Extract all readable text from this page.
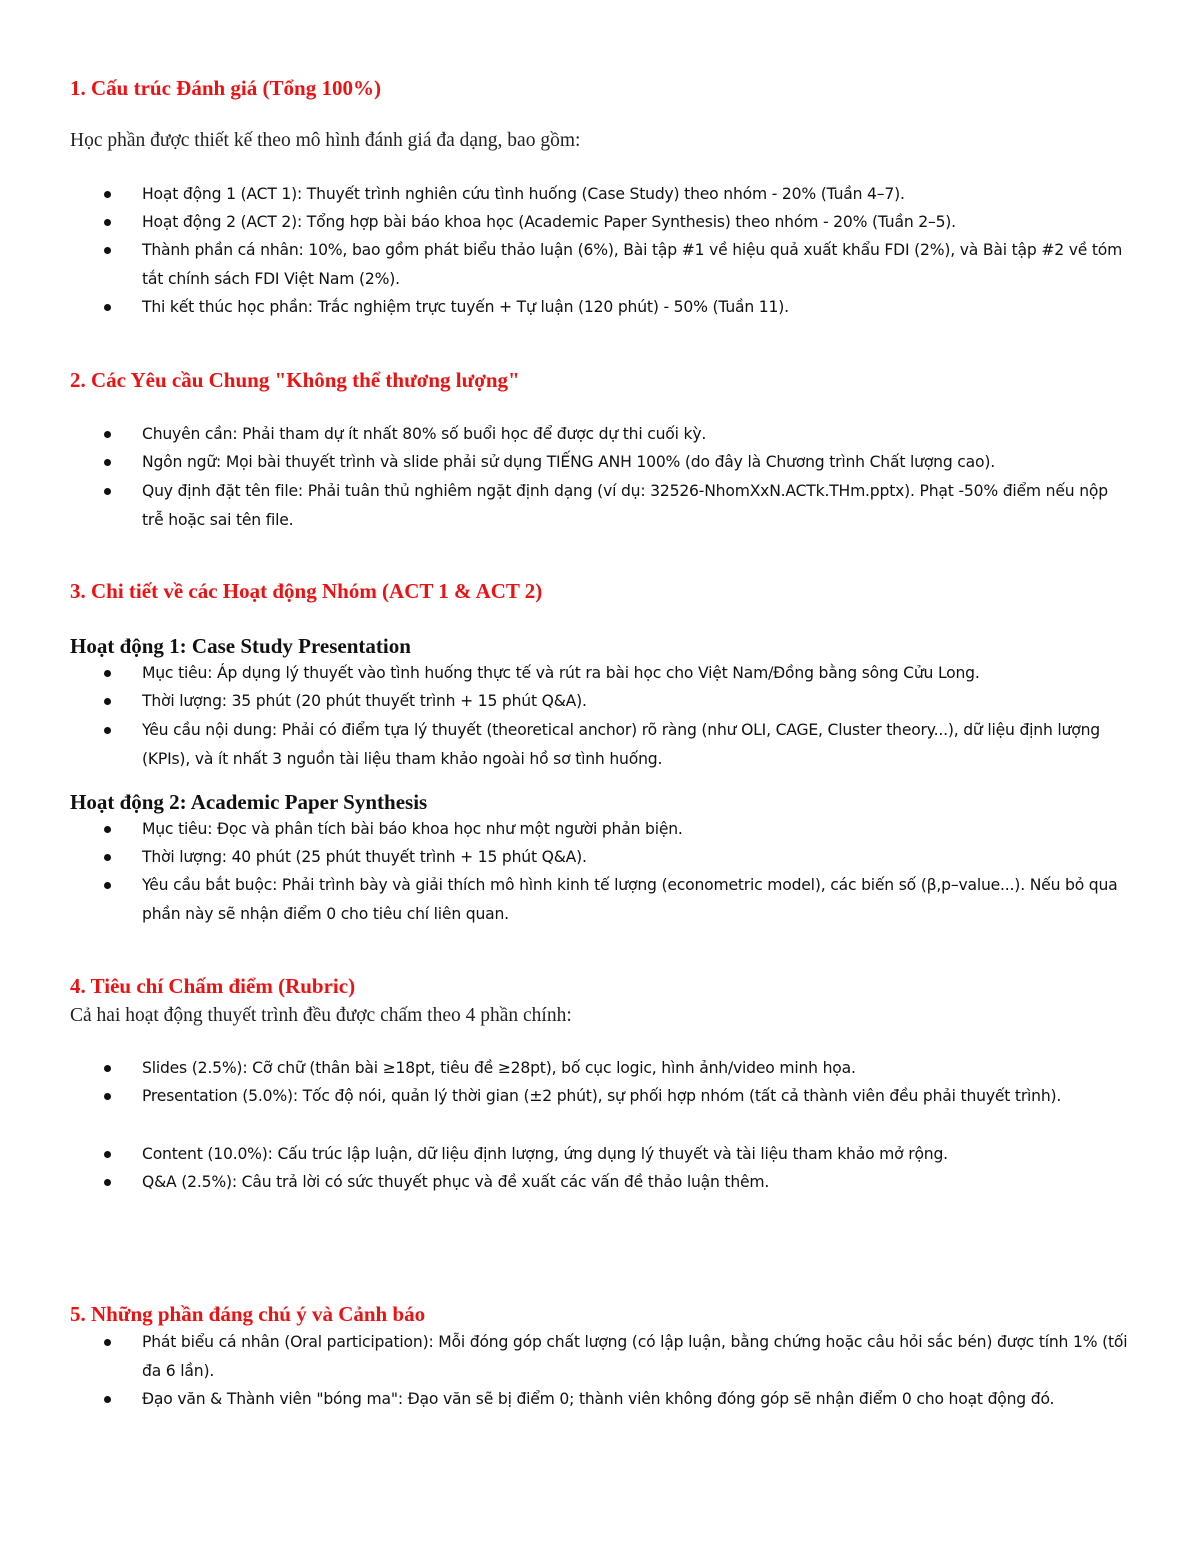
1. Cấu trúc Đánh giá (Tổng 100%)

Học phần được thiết kế theo mô hình đánh giá đa dạng, bao gồm:

Hoạt động 1 (ACT 1): Thuyết trình nghiên cứu tình huống (Case Study) theo nhóm - 20% (Tuần 4–7).
Hoạt động 2 (ACT 2): Tổng hợp bài báo khoa học (Academic Paper Synthesis) theo nhóm - 20% (Tuần 2–5).
Thành phần cá nhân: 10%, bao gồm phát biểu thảo luận (6%), Bài tập #1 về hiệu quả xuất khẩu FDI (2%), và Bài tập #2 về tóm tắt chính sách FDI Việt Nam (2%).
Thi kết thúc học phần: Trắc nghiệm trực tuyến + Tự luận (120 phút) - 50% (Tuần 11).
2. Các Yêu cầu Chung "Không thể thương lượng"
Chuyên cần: Phải tham dự ít nhất 80% số buổi học để được dự thi cuối kỳ.
Ngôn ngữ: Mọi bài thuyết trình và slide phải sử dụng TIẾNG ANH 100% (do đây là Chương trình Chất lượng cao).
Quy định đặt tên file: Phải tuân thủ nghiêm ngặt định dạng (ví dụ: 32526-NhomXxN.ACTk.THm.pptx). Phạt -50% điểm nếu nộp trễ hoặc sai tên file.
3. Chi tiết về các Hoạt động Nhóm (ACT 1 & ACT 2)
Hoạt động 1: Case Study Presentation
Mục tiêu: Áp dụng lý thuyết vào tình huống thực tế và rút ra bài học cho Việt Nam/Đồng bằng sông Cửu Long.
Thời lượng: 35 phút (20 phút thuyết trình + 15 phút Q&A).
Yêu cầu nội dung: Phải có điểm tựa lý thuyết (theoretical anchor) rõ ràng (như OLI, CAGE, Cluster theory...), dữ liệu định lượng (KPIs), và ít nhất 3 nguồn tài liệu tham khảo ngoài hồ sơ tình huống.
Hoạt động 2: Academic Paper Synthesis
Mục tiêu: Đọc và phân tích bài báo khoa học như một người phản biện.
Thời lượng: 40 phút (25 phút thuyết trình + 15 phút Q&A).
Yêu cầu bắt buộc: Phải trình bày và giải thích mô hình kinh tế lượng (econometric model), các biến số (β,p–value...). Nếu bỏ qua phần này sẽ nhận điểm 0 cho tiêu chí liên quan.
4. Tiêu chí Chấm điểm (Rubric)

Cả hai hoạt động thuyết trình đều được chấm theo 4 phần chính:

Slides (2.5%): Cỡ chữ (thân bài ≥18pt, tiêu đề ≥28pt), bố cục logic, hình ảnh/video minh họa.
Presentation (5.0%): Tốc độ nói, quản lý thời gian (±2 phút), sự phối hợp nhóm (tất cả thành viên đều phải thuyết trình).
Content (10.0%): Cấu trúc lập luận, dữ liệu định lượng, ứng dụng lý thuyết và tài liệu tham khảo mở rộng.
Q&A (2.5%): Câu trả lời có sức thuyết phục và đề xuất các vấn đề thảo luận thêm.
5. Những phần đáng chú ý và Cảnh báo
Phát biểu cá nhân (Oral participation): Mỗi đóng góp chất lượng (có lập luận, bằng chứng hoặc câu hỏi sắc bén) được tính 1% (tối đa 6 lần).
Đạo văn & Thành viên "bóng ma": Đạo văn sẽ bị điểm 0; thành viên không đóng góp sẽ nhận điểm 0 cho hoạt động đó.
